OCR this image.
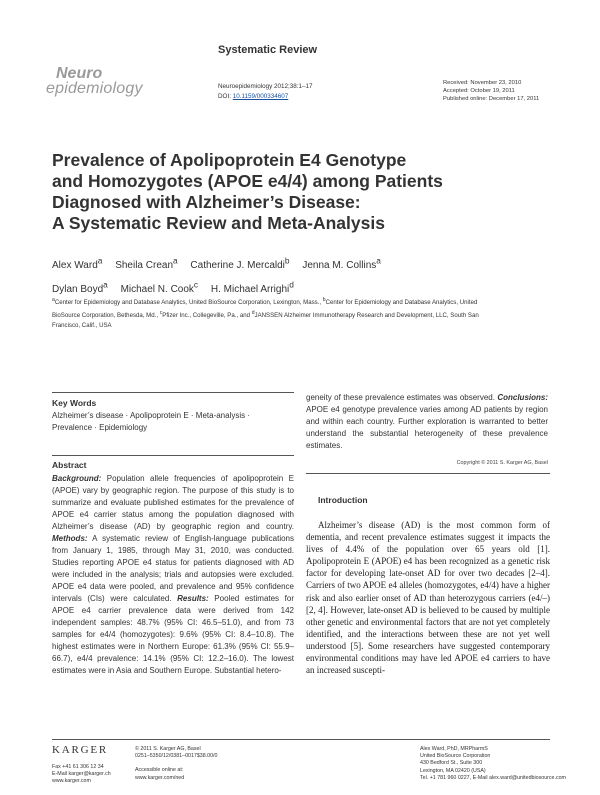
Systematic Review
Neuro
epidemiology	Neuroepidemiology 2012;38:1–17
DOI: 10.1159/000334607
Received: November 23, 2010
Accepted: October 19, 2011
Published online: December 17, 2011
Prevalence of Apolipoprotein E4 Genotype
and Homozygotes (APOE e4/4) among Patients
Diagnosed with Alzheimer’s Disease:
A Systematic Review and Meta-Analysis
Alex Ward$^a$ Sheila Crean$^a$ Catherine J. Mercaldi$^b$ Jenna M. Collins$^a$
Dylan Boyd$^a$ Michael N. Cook$^c$ H. Michael Arrighi$^d$
$^a$Center for Epidemiology and Database Analytics, United BioSource Corporation, Lexington, Mass., $^b$Center for Epidemiology and Database Analytics, United BioSource Corporation, Bethesda, Md., $^c$Pfizer Inc., Collegeville, Pa., and $^d$JANSSEN Alzheimer Immunotherapy Research and Development, LLC, South San Francisco, Calif., USA
Key Words
Alzheimer’s disease · Apolipoprotein E · Meta-analysis ·
Prevalence · Epidemiology
Abstract

Background: Population allele frequencies of apolipoprotein E (APOE) vary by geographic region. The purpose of this study is to summarize and evaluate published estimates for the prevalence of APOE e4 carrier status among the population diagnosed with Alzheimer’s disease (AD) by geographic region and country. Methods: A systematic review of English-language publications from January 1, 1985, through May 31, 2010, was conducted. Studies reporting APOE e4 status for patients diagnosed with AD were included in the analysis; trials and autopsies were excluded. APOE e4 data were pooled, and prevalence and 95% confidence intervals (CIs) were calculated. Results: Pooled estimates for APOE e4 carrier prevalence data were derived from 142 independent samples: 48.7% (95% CI: 46.5–51.0), and from 73 samples for e4/4 (homozygotes): 9.6% (95% CI: 8.4–10.8). The highest estimates were in Northern Europe: 61.3% (95% CI: 55.9–66.7), e4/4 prevalence: 14.1% (95% CI: 12.2–16.0). The lowest estimates were in Asia and Southern Europe. Substantial hetero-

geneity of these prevalence estimates was observed. Conclusions: APOE e4 genotype prevalence varies among AD patients by region and within each country. Further exploration is warranted to better understand the substantial heterogeneity of these prevalence estimates.

Copyright © 2011 S. Karger AG, Basel
Introduction

Alzheimer’s disease (AD) is the most common form of dementia, and recent prevalence estimates suggest it impacts the lives of 4.4% of the population over 65 years old [1]. Apolipoprotein E (APOE) e4 has been recognized as a genetic risk factor for developing late-onset AD for over two decades [2–4]. Carriers of two APOE e4 alleles (homozygotes, e4/4) have a higher risk and also earlier onset of AD than heterozygous carriers (e4/–) [2, 4]. However, late-onset AD is believed to be caused by multiple other genetic and environmental factors that are not yet completely identified, and the interactions between these are not yet well understood [5]. Some researchers have suggested contemporary environmental conditions may have led APOE e4 carriers to have an increased suscepti-

KARGER
Fax +41 61 306 12 34
E-Mail karger@karger.ch
www.karger.com
© 2011 S. Karger AG, Basel
0251–5350/12/0381–0017$38.00/0
Accessible online at:
www.karger.com/ned
Alex Ward, PhD, MRPharmS
United BioSource Corporation
430 Bedford St., Suite 300
Lexington, MA 02420 (USA)
Tel. +1 781 960 0227, E-Mail alex.ward@unitedbiosource.com
